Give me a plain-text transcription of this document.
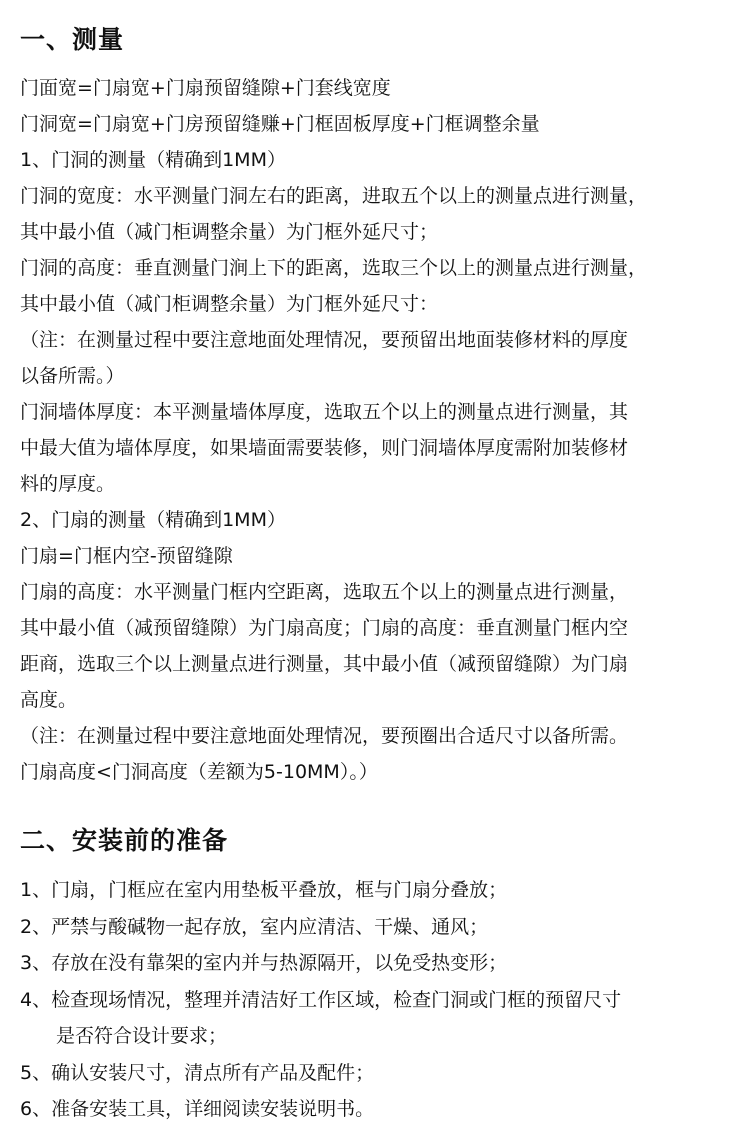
一、测量
门面宽=门扇宽+门扇预留缝隙+门套线宽度
门洞宽=门扇宽+门房预留缝赚+门框固板厚度+门框调整余量
1、门洞的测量（精确到1MM）
门洞的宽度：水平测量门洞左右的距离，进取五个以上的测量点进行测量，
其中最小值（减门柜调整余量）为门框外延尺寸；
门洞的高度：垂直测量门涧上下的距离，选取三个以上的测量点进行测量，
其中最小值（减门柜调整余量）为门框外延尺寸：
（注：在测量过程中要注意地面处理情况，要预留出地面装修材料的厚度
以备所需。）
门洞墙体厚度：本平测量墙体厚度，选取五个以上的测量点进行测量，其
中最大值为墙体厚度，如果墙面需要装修，则门洞墙体厚度需附加装修材
料的厚度。
2、门扇的测量（精确到1MM）
门扇=门框内空-预留缝隙
门扇的高度：水平测量门框内空距离，选取五个以上的测量点进行测量，
其中最小值（减预留缝隙）为门扇高度；门扇的高度：垂直测量门框内空
距商，选取三个以上测量点进行测量，其中最小值（减预留缝隙）为门扇
高度。
（注：在测量过程中要注意地面处理情况，要预圈出合适尺寸以备所需。
门扇高度<门洞高度（差额为5-10MM）。）
二、安装前的准备
1、门扇，门框应在室内用垫板平叠放，框与门扇分叠放；
2、严禁与酸碱物一起存放，室内应清洁、干燥、通风；
3、存放在没有靠架的室内并与热源隔开，以免受热变形；
4、检查现场情况，整理并清洁好工作区域，检查门洞或门框的预留尺寸
是否符合设计要求；
5、确认安装尺寸，清点所有产品及配件；
6、准备安装工具，详细阅读安装说明书。
